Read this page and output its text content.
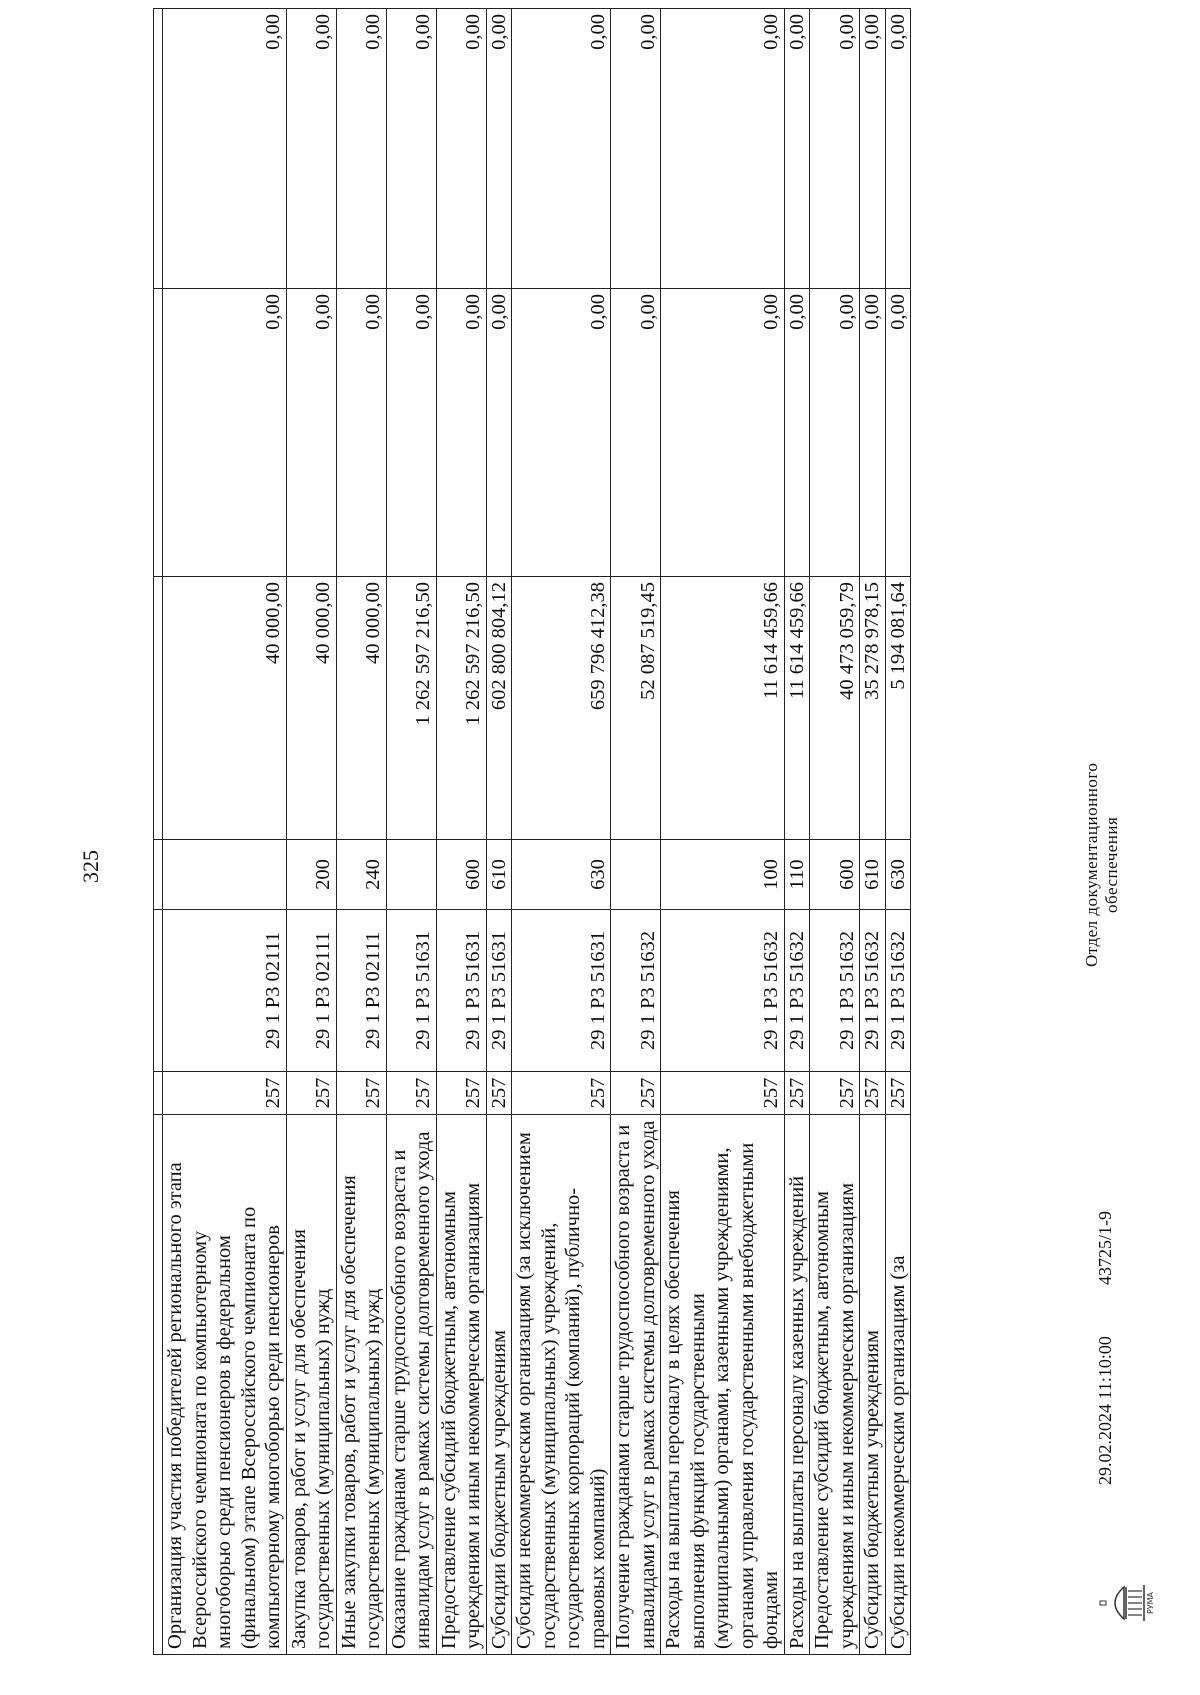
325

Организация участия победителей регионального этапа Всероссийского чемпионата по компьютерному многоборью среди пенсионеров в федеральном (финальном) этапе Всероссийского чемпионата по компьютерному многоборью среди пенсионеров	257	29 1 P3 02111		40 000,00	0,00	0,00
Закупка товаров, работ и услуг для обеспечения государственных (муниципальных) нужд	257	29 1 P3 02111	200	40 000,00	0,00	0,00
Иные закупки товаров, работ и услуг для обеспечения государственных (муниципальных) нужд	257	29 1 P3 02111	240	40 000,00	0,00	0,00
Оказание гражданам старше трудоспособного возраста и инвалидам услуг в рамках системы долговременного ухода	257	29 1 P3 51631		1 262 597 216,50	0,00	0,00
Предоставление субсидий бюджетным, автономным учреждениям и иным некоммерческим организациям	257	29 1 P3 51631	600	1 262 597 216,50	0,00	0,00
Субсидии бюджетным учреждениям	257	29 1 P3 51631	610	602 800 804,12	0,00	0,00
Субсидии некоммерческим организациям (за исключением государственных (муниципальных) учреждений, государственных корпораций (компаний), публично-правовых компаний)	257	29 1 P3 51631	630	659 796 412,38	0,00	0,00
Получение гражданами старше трудоспособного возраста и инвалидами услуг в рамках системы долговременного ухода	257	29 1 P3 51632		52 087 519,45	0,00	0,00
Расходы на выплаты персоналу в целях обеспечения выполнения функций государственными (муниципальными) органами, казенными учреждениями, органами управления государственными внебюджетными фондами	257	29 1 P3 51632	100	11 614 459,66	0,00	0,00
Расходы на выплаты персоналу казенных учреждений	257	29 1 P3 51632	110	11 614 459,66	0,00	0,00
Предоставление субсидий бюджетным, автономным учреждениям и иным некоммерческим организациям	257	29 1 P3 51632	600	40 473 059,79	0,00	0,00
Субсидии бюджетным учреждениям	257	29 1 P3 51632	610	35 278 978,15	0,00	0,00
Субсидии некоммерческим организациям (за	257	29 1 P3 51632	630	5 194 081,64	0,00	0,00
29.02.2024 11:10:00
43725/1-9
Отдел документационного обеспечения
РУМА
